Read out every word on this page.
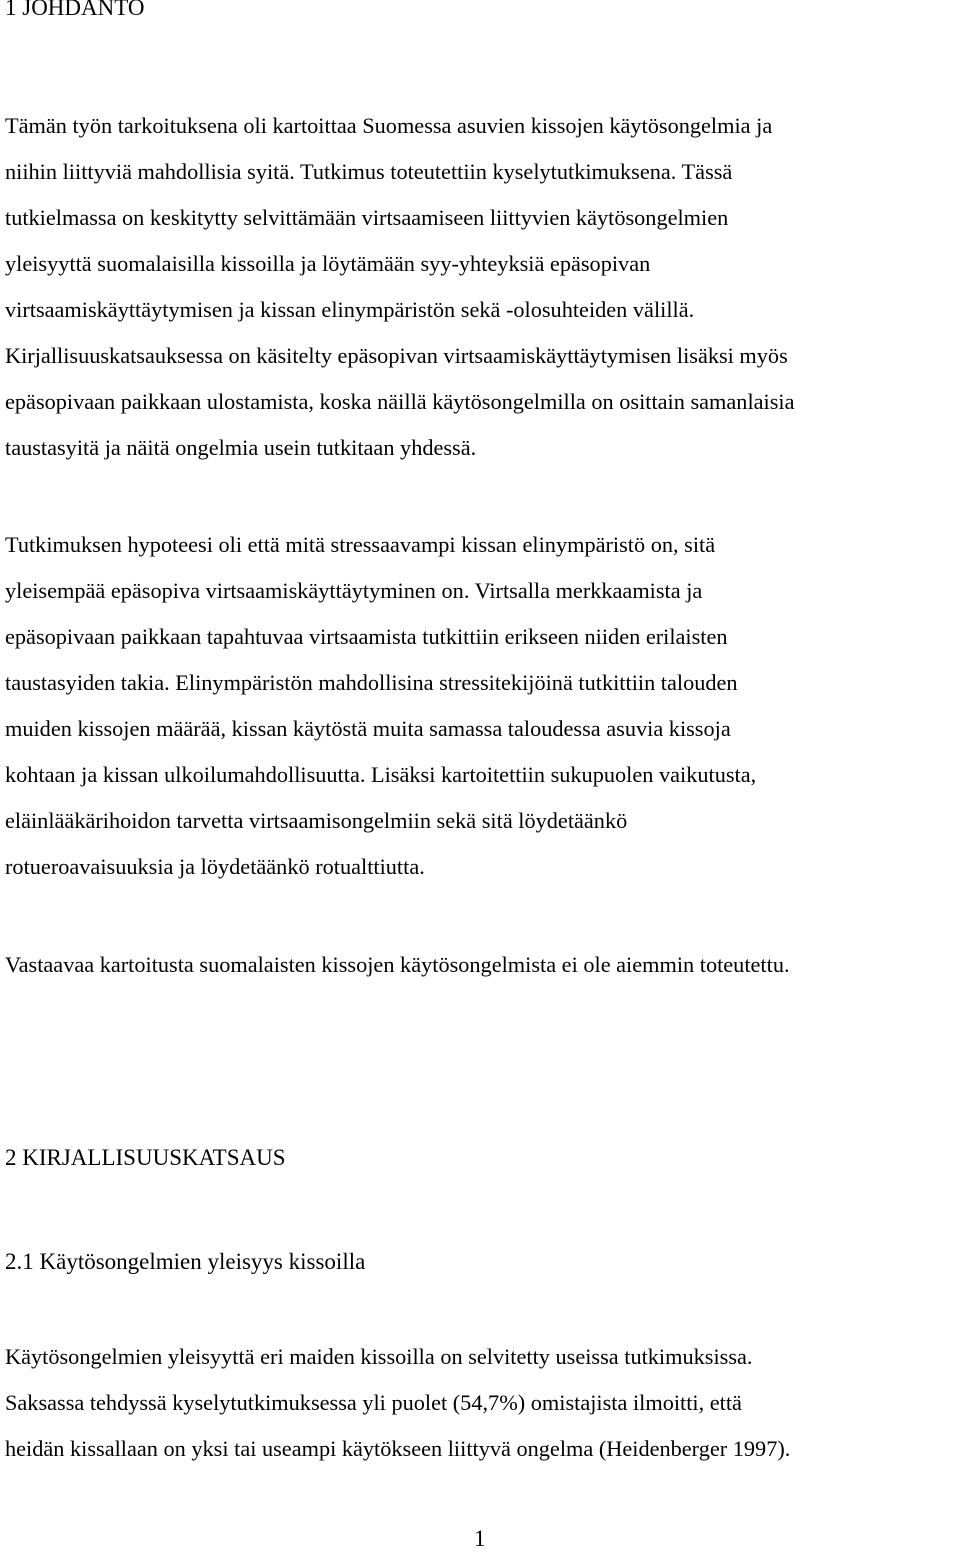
1 JOHDANTO

Tämän työn tarkoituksena oli kartoittaa Suomessa asuvien kissojen käytösongelmia ja
niihin liittyviä mahdollisia syitä. Tutkimus toteutettiin kyselytutkimuksena. Tässä
tutkielmassa on keskitytty selvittämään virtsaamiseen liittyvien käytösongelmien
yleisyyttä suomalaisilla kissoilla ja löytämään syy-yhteyksiä epäsopivan
virtsaamiskäyttäytymisen ja kissan elinympäristön sekä -olosuhteiden välillä.
Kirjallisuuskatsauksessa on käsitelty epäsopivan virtsaamiskäyttäytymisen lisäksi myös
epäsopivaan paikkaan ulostamista, koska näillä käytösongelmilla on osittain samanlaisia
taustasyitä ja näitä ongelmia usein tutkitaan yhdessä.

Tutkimuksen hypoteesi oli että mitä stressaavampi kissan elinympäristö on, sitä
yleisempää epäsopiva virtsaamiskäyttäytyminen on. Virtsalla merkkaamista ja
epäsopivaan paikkaan tapahtuvaa virtsaamista tutkittiin erikseen niiden erilaisten
taustasyiden takia. Elinympäristön mahdollisina stressitekijöinä tutkittiin talouden
muiden kissojen määrää, kissan käytöstä muita samassa taloudessa asuvia kissoja
kohtaan ja kissan ulkoilumahdollisuutta. Lisäksi kartoitettiin sukupuolen vaikutusta,
eläinlääkärihoidon tarvetta virtsaamisongelmiin sekä sitä löydetäänkö
rotueroavaisuuksia ja löydetäänkö rotualttiutta.

Vastaavaa kartoitusta suomalaisten kissojen käytösongelmista ei ole aiemmin toteutettu.

2 KIRJALLISUUSKATSAUS
2.1 Käytösongelmien yleisyys kissoilla

Käytösongelmien yleisyyttä eri maiden kissoilla on selvitetty useissa tutkimuksissa.
Saksassa tehdyssä kyselytutkimuksessa yli puolet (54,7%) omistajista ilmoitti, että
heidän kissallaan on yksi tai useampi käytökseen liittyvä ongelma (Heidenberger 1997).

1
